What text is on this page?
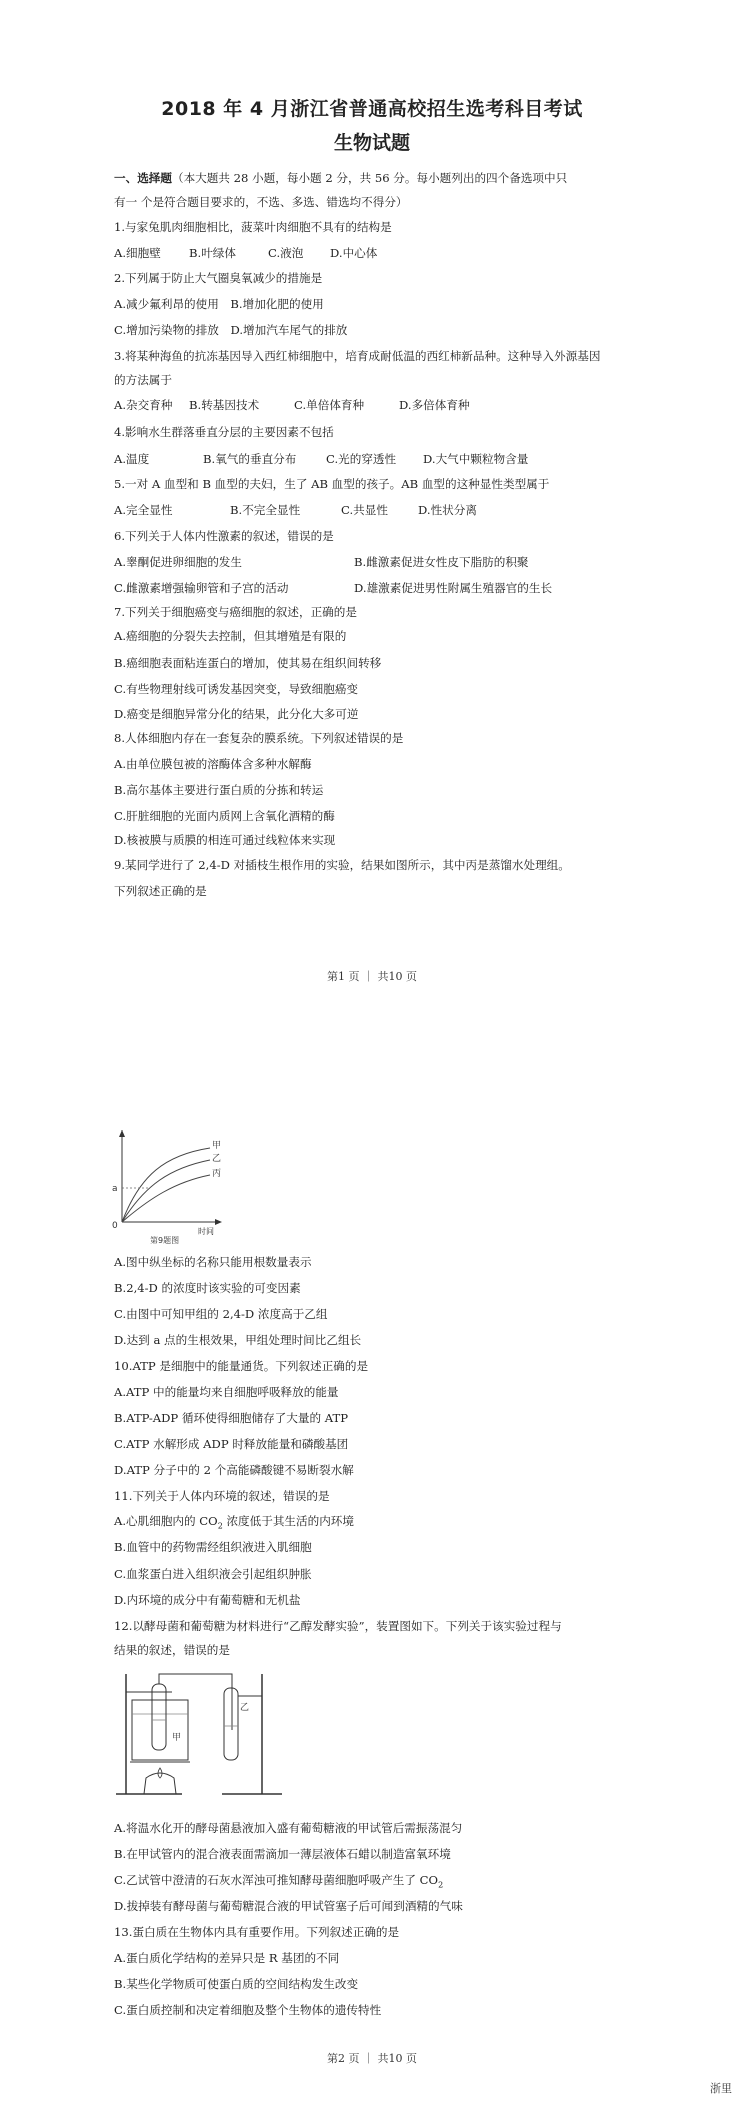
2018 年 4 月浙江省普通高校招生选考科目考试
生物试题
一、选择题（本大题共 28 小题，每小题 2 分，共 56 分。每小题列出的四个备选项中只
有一 个是符合题目要求的，不选、多选、错选均不得分）
1.与家兔肌肉细胞相比，菠菜叶肉细胞不具有的结构是
A.细胞壁 B.叶绿体	C.液泡 D.中心体
2.下列属于防止大气圈臭氧减少的措施是
A.减少氟利昂的使用　B.增加化肥的使用
C.增加污染物的排放　D.增加汽车尾气的排放
3.将某种海鱼的抗冻基因导入西红柿细胞中，培育成耐低温的西红柿新品种。这种导入外源基因
的方法属于
A.杂交育种 B.转基因技术	C.单倍体育种	D.多倍体育种
4.影响水生群落垂直分层的主要因素不包括
A.温度	B.氧气的垂直分布	C.光的穿透性 D.大气中颗粒物含量
5.一对 A 血型和 B 血型的夫妇，生了 AB 血型的孩子。AB 血型的这种显性类型属于
A.完全显性	B.不完全显性	C.共显性	D.性状分离
6.下列关于人体内性激素的叙述，错误的是
A.睾酮促进卵细胞的发生	B.雌激素促进女性皮下脂肪的积聚
C.雌激素增强输卵管和子宫的活动	D.雄激素促进男性附属生殖器官的生长
7.下列关于细胞癌变与癌细胞的叙述，正确的是
A.癌细胞的分裂失去控制，但其增殖是有限的
B.癌细胞表面粘连蛋白的增加，使其易在组织间转移
C.有些物理射线可诱发基因突变，导致细胞癌变
D.癌变是细胞异常分化的结果，此分化大多可逆
8.人体细胞内存在一套复杂的膜系统。下列叙述错误的是
A.由单位膜包被的溶酶体含多种水解酶
B.高尔基体主要进行蛋白质的分拣和转运
C.肝脏细胞的光面内质网上含氧化酒精的酶
D.核被膜与质膜的相连可通过线粒体来实现
9.某同学进行了 2,4-D 对插枝生根作用的实验，结果如图所示，其中丙是蒸馏水处理组。
下列叙述正确的是
第1 页 ｜ 共10 页
甲
乙
丙
a
0
时间
第9题图
A.图中纵坐标的名称只能用根数量表示
B.2,4-D 的浓度时该实验的可变因素
C.由图中可知甲组的 2,4-D 浓度高于乙组
D.达到 a 点的生根效果，甲组处理时间比乙组长
10.ATP 是细胞中的能量通货。下列叙述正确的是
A.ATP 中的能量均来自细胞呼吸释放的能量
B.ATP-ADP 循环使得细胞储存了大量的 ATP
C.ATP 水解形成 ADP 时释放能量和磷酸基团
D.ATP 分子中的 2 个高能磷酸键不易断裂水解
11.下列关于人体内环境的叙述，错误的是
A.心肌细胞内的 $CO_2$ 浓度低于其生活的内环境
B.血管中的药物需经组织液进入肌细胞
C.血浆蛋白进入组织液会引起组织肿胀
D.内环境的成分中有葡萄糖和无机盐
12.以酵母菌和葡萄糖为材料进行“乙醇发酵实验”，装置图如下。下列关于该实验过程与
结果的叙述，错误的是
甲
乙
A.将温水化开的酵母菌悬液加入盛有葡萄糖液的甲试管后需振荡混匀
B.在甲试管内的混合液表面需滴加一薄层液体石蜡以制造富氧环境
C.乙试管中澄清的石灰水浑浊可推知酵母菌细胞呼吸产生了 $CO_2$
D.拔掉装有酵母菌与葡萄糖混合液的甲试管塞子后可闻到酒精的气味
13.蛋白质在生物体内具有重要作用。下列叙述正确的是
A.蛋白质化学结构的差异只是 R 基团的不同
B.某些化学物质可使蛋白质的空间结构发生改变
C.蛋白质控制和决定着细胞及整个生物体的遗传特性
第2 页 ｜ 共10 页
浙里
